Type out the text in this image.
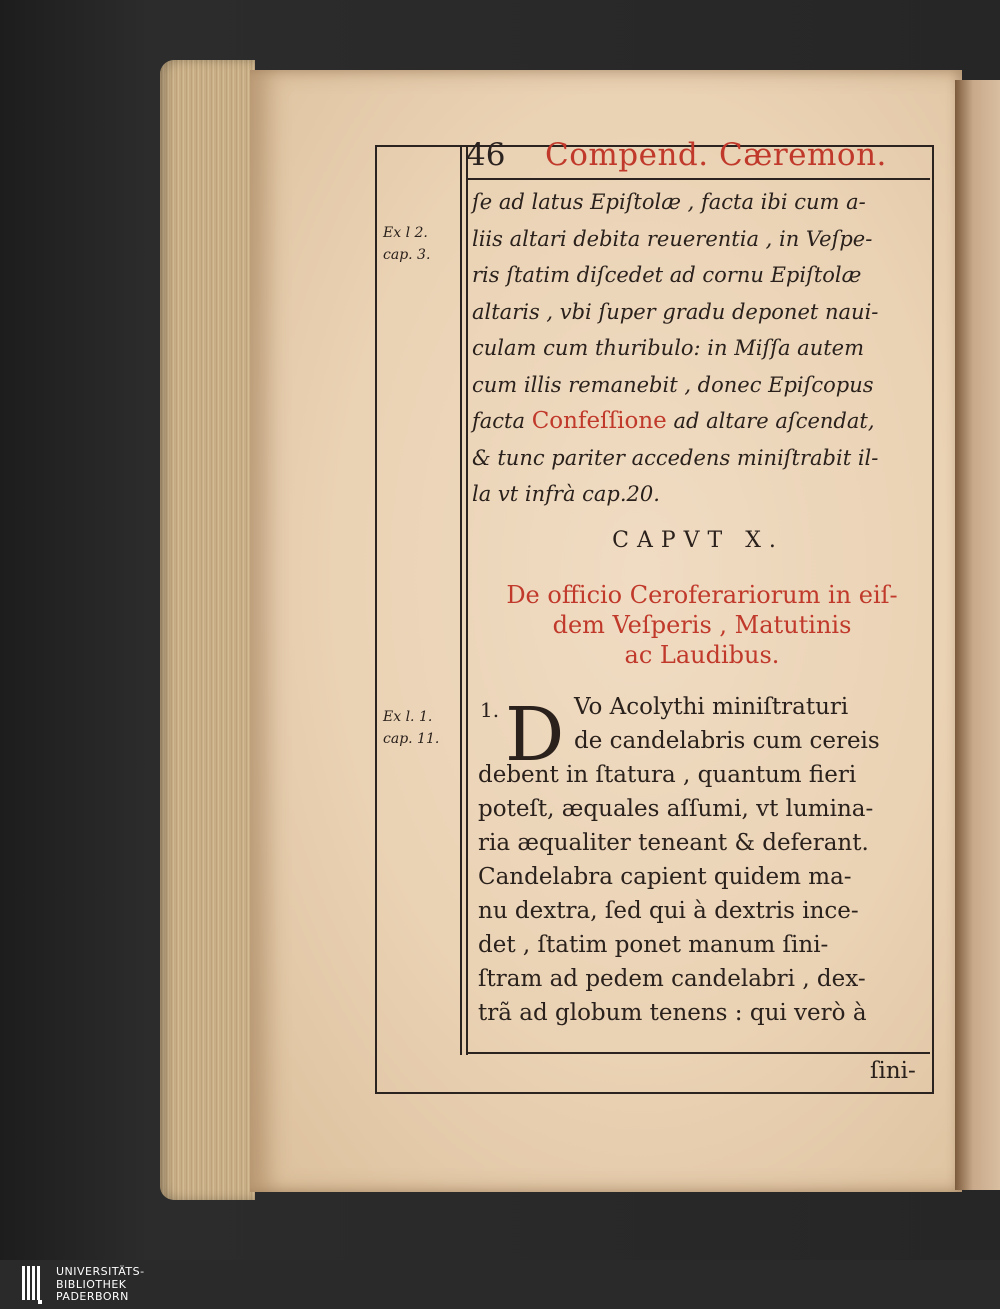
46 Compend. Cæremon.
Ex l 2.
cap. 3.
Ex l. 1.
cap. 11.
ſe ad latus Epiſtolæ , facta ibi cum a-
liis altari debita reuerentia , in Veſpe-
ris ſtatim diſcedet ad cornu Epiſtolæ
altaris , vbi ſuper gradu deponet naui-
culam cum thuribulo: in Miſſa autem
cum illis remanebit , donec Epiſcopus
facta Confeſſione ad altare aſcendat,
& tunc pariter accedens miniſtrabit il-
la vt infrà cap.20.
CAPVT X.
De officio Ceroferariorum in eiſ-
dem Veſperis , Matutinis
ac Laudibus.
1. D Vo Acolythi miniſtraturi
de candelabris cum cereis
debent in ſtatura , quantum fieri
poteſt, æquales aſſumi, vt lumina-
ria æqualiter teneant & deferant.
Candelabra capient quidem ma-
nu dextra, ſed qui à dextris ince-
det , ſtatim ponet manum ſini-
ſtram ad pedem candelabri , dex-
trã ad globum tenens : qui verò à
ſini-
UNIVERSITÄTS-
BIBLIOTHEK
PADERBORN
